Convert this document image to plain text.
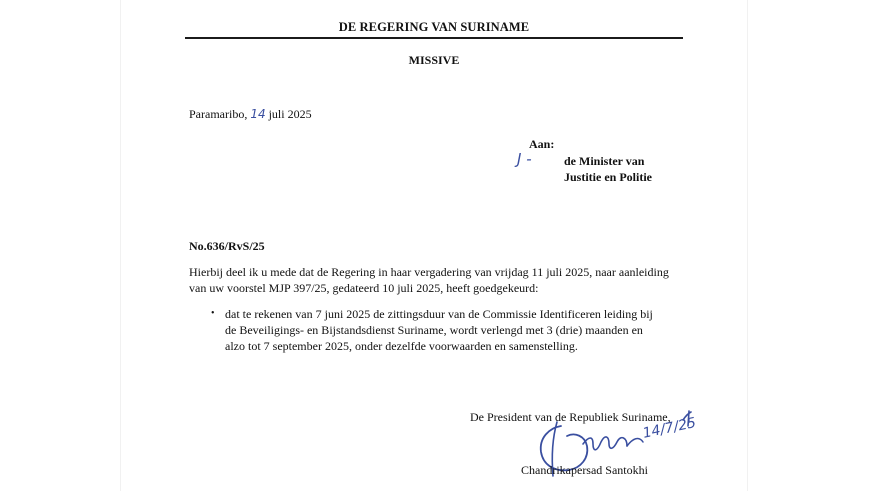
DE REGERING VAN SURINAME
MISSIVE
Paramaribo, 14 juli 2025
Aan:
J -	de Minister van
Justitie en Politie
No.636/RvS/25
Hierbij deel ik u mede dat de Regering in haar vergadering van vrijdag 11 juli 2025, naar aanleiding
van uw voorstel MJP 397/25, gedateerd 10 juli 2025, heeft goedgekeurd:
• dat te rekenen van 7 juni 2025 de zittingsduur van de Commissie Identificeren leiding bij
de Beveiligings- en Bijstandsdienst Suriname, wordt verlengd met 3 (drie) maanden en
alzo tot 7 september 2025, onder dezelfde voorwaarden en samenstelling.
De President van de Republiek Suriname,
14/7/25
Chandrikapersad Santokhi
